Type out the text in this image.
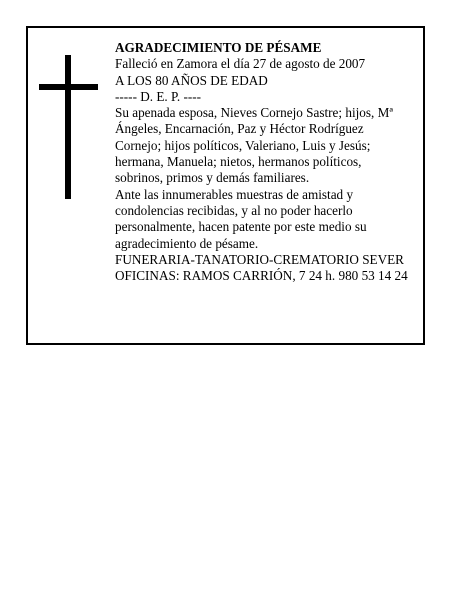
AGRADECIMIENTO DE PÉSAME
Falleció en Zamora el día 27 de agosto de 2007
A LOS 80 AÑOS DE EDAD
----- D. E. P. ----
Su apenada esposa, Nieves Cornejo Sastre; hijos, Mª
Ángeles, Encarnación, Paz y Héctor Rodríguez
Cornejo; hijos políticos, Valeriano, Luis y Jesús;
hermana, Manuela; nietos, hermanos políticos,
sobrinos, primos y demás familiares.
Ante las innumerables muestras de amistad y
condolencias recibidas, y al no poder hacerlo
personalmente, hacen patente por este medio su
agradecimiento de pésame.
FUNERARIA-TANATORIO-CREMATORIO SEVER
OFICINAS: RAMOS CARRIÓN, 7 24 h. 980 53 14 24
